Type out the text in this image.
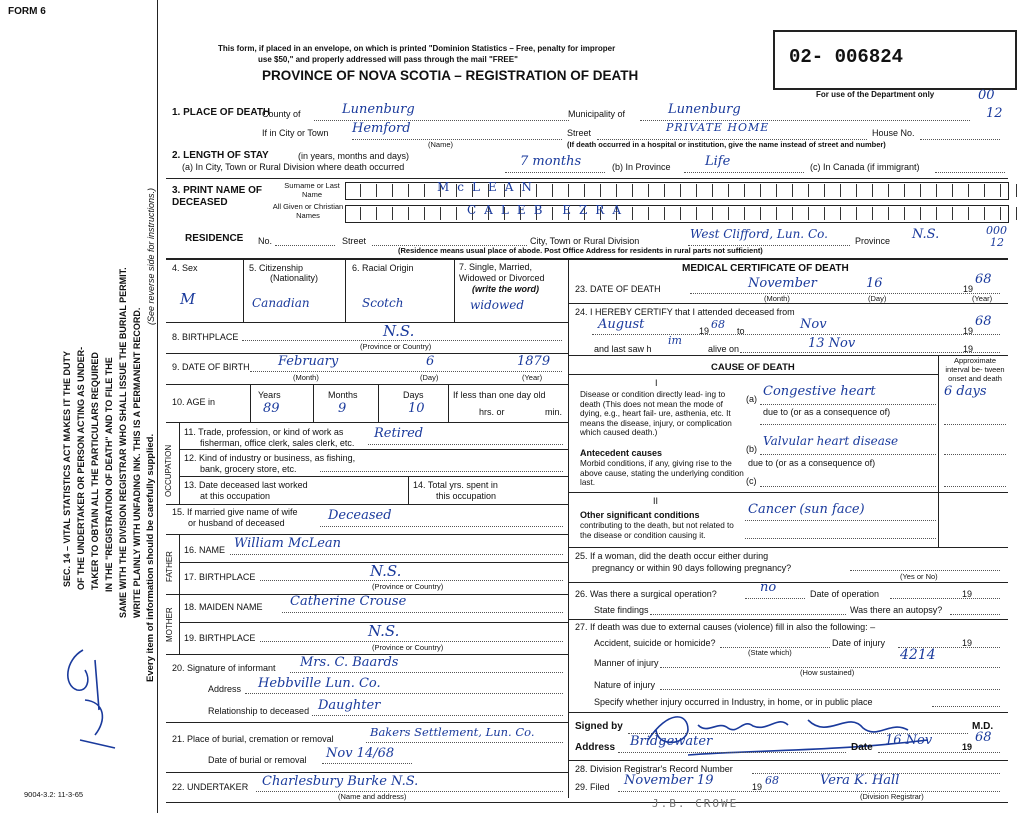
FORM 6
This form, if placed in an envelope, on which is printed "Dominion Statistics – Free, penalty for improper
use $50," and properly addressed will pass through the mail "FREE"
PROVINCE OF NOVA SCOTIA – REGISTRATION OF DEATH
02- 006824
For use of the Department only	00
12
SEC. 14 – VITAL STATISTICS ACT MAKES IT THE DUTY OF THE UNDERTAKER OR PERSON ACTING AS UNDER- TAKER TO OBTAIN ALL THE PARTICULARS REQUIRED IN THE "REGISTRATION OF DEATH" AND TO FILE THE SAME WITH THE DIVISION REGISTRAR WHO SHALL ISSUE THE BURIAL PERMIT. WRITE PLAINLY WITH UNFADING INK. THIS IS A PERMANENT RECORD. Every item of information should be carefully supplied.
(See reverse side for instructions.)
9004-3.2: 11-3-65
1. PLACE OF DEATH
County of	Lunenburg	Municipality of	Lunenburg
If in City or Town Hemford
(Name)
Street	PRIVATE HOME	House No.
(If death occurred in a hospital or institution, give the name instead of street and number)
2. LENGTH OF STAY	(in years, months and days)
(a) In City, Town or Rural Division where death occurred	7 months	(b) In Province	Life	(c) In Canada (if immigrant)
3. PRINT NAME OF DECEASED
Surname or Last Name
All Given or Christian Names
McLEAN
CALEB EZRA
RESIDENCE No.	Street	City, Town or Rural Division	West Clifford, Lun. Co.	Province N.S.	000
12
(Residence means usual place of abode. Post Office Address for residents in rural parts not sufficient)
4. Sex
M
5. Citizenship
(Nationality)
Canadian
6. Racial Origin
Scotch
7. Single, Married, Widowed or Divorced
(write the word)
widowed
8. BIRTHPLACE	N.S.
(Province or Country)
9. DATE OF BIRTH February	6	1879
(Month)	(Day)	(Year)
10. AGE in
Years
89
Months
9
Days
10
If less than one day old
hrs. or	min.
OCCUPATION
11. Trade, profession, or kind of work as
fisherman, office clerk, sales clerk, etc.
Retired
12. Kind of industry or business, as fishing,
bank, grocery store, etc.
13. Date deceased last worked
at this occupation
14. Total yrs. spent in
this occupation
15. If married give name of wife
or husband of deceased	Deceased
FATHER
16. NAME William McLean
17. BIRTHPLACE	N.S.
(Province or Country)
MOTHER
18. MAIDEN NAME Catherine Crouse
19. BIRTHPLACE	N.S.
(Province or Country)
20. Signature of informant Mrs. C. Baards
Address Hebbville Lun. Co.
Relationship to deceased Daughter
21. Place of burial, cremation or removal	Bakers Settlement, Lun. Co.
Date of burial or removal Nov 14/68
22. UNDERTAKER Charlesbury Burke N.S.
(Name and address)
MEDICAL CERTIFICATE OF DEATH
23. DATE OF DEATH	November	16	19
68
(Month)	(Day)	(Year)
24. I HEREBY CERTIFY that I attended deceased from
August	19 68 to	Nov	19
68
and last saw h
im
alive on	13 Nov	19
CAUSE OF DEATH
Approximate interval be- tween onset and death
I
Disease or condition directly lead- ing to death (This does not mean the mode of dying, e.g., heart fail- ure, asthenia, etc. It means the disease, injury, or complication which caused death.)
(a) Congestive heart	6 days
due to (or as a consequence of)
Antecedent causes
Morbid conditions, if any, giving rise to the above cause, stating the underlying condition last.
(b)
Valvular heart disease
due to (or as a consequence of)
(c)
II
Other significant conditions
contributing to the death, but not related to the disease or condition causing it.
Cancer (sun face)
25. If a woman, did the death occur either during
pregnancy or within 90 days following pregnancy?
(Yes or No)
26. Was there a surgical operation?	no	Date of operation	19
State findings	Was there an autopsy?
27. If death was due to external causes (violence) fill in also the following: –
Accident, suicide or homicide?
(State which)
Date of injury	19
4214
Manner of injury
(How sustained)
Nature of injury
Specify whether injury occurred in Industry, in home, or in public place
Signed by	M.D.
Address Bridgewater	Date 16 Nov	19
68
28. Division Registrar's Record Number
29. Filed November 19	19 68	Vera K. Hall
(Division Registrar)
J.B. CROWE
